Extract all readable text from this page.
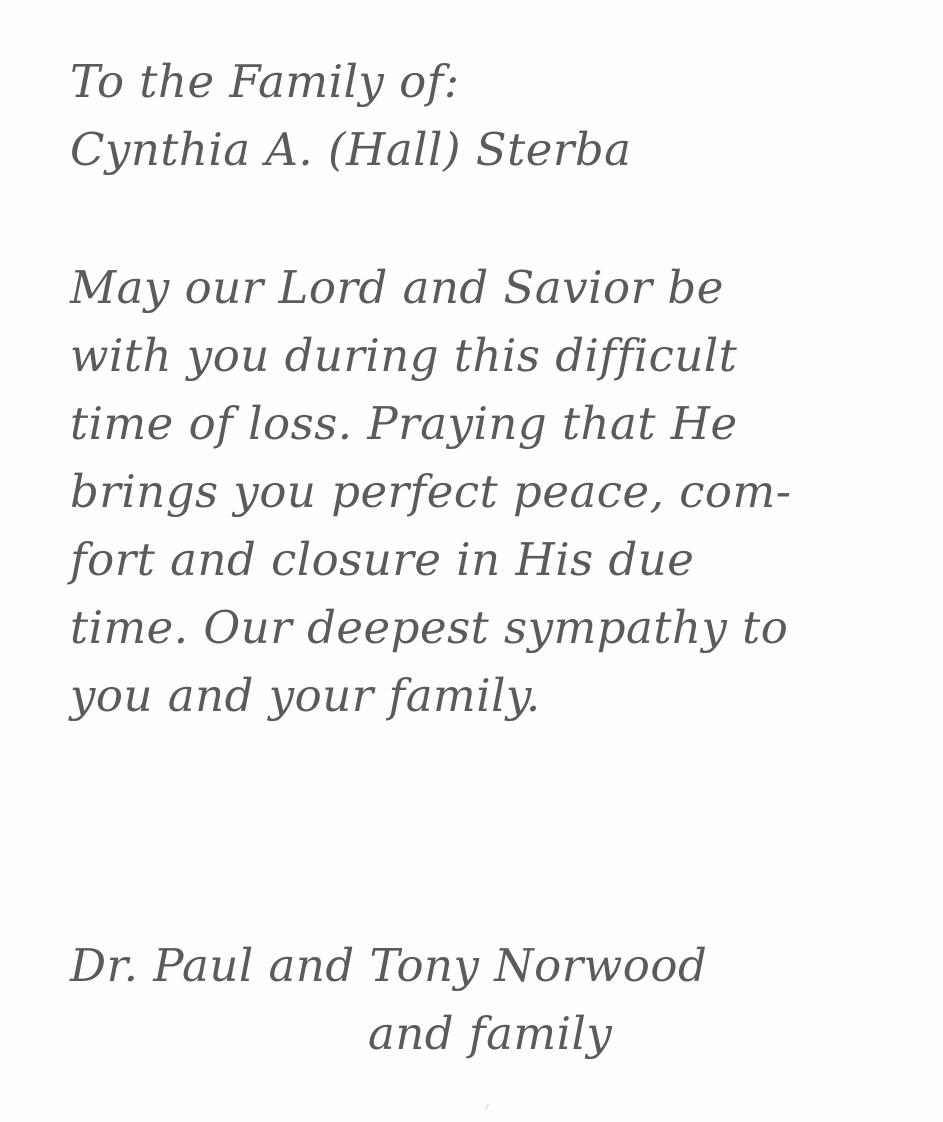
To the Family of:

Cynthia A. (Hall) Sterba

May our Lord and Savior be

with you during this difficult

time of loss. Praying that He

brings you perfect peace, com-

fort and closure in His due

time. Our deepest sympathy to

you and your family.

Dr. Paul and Tony Norwood

and family
